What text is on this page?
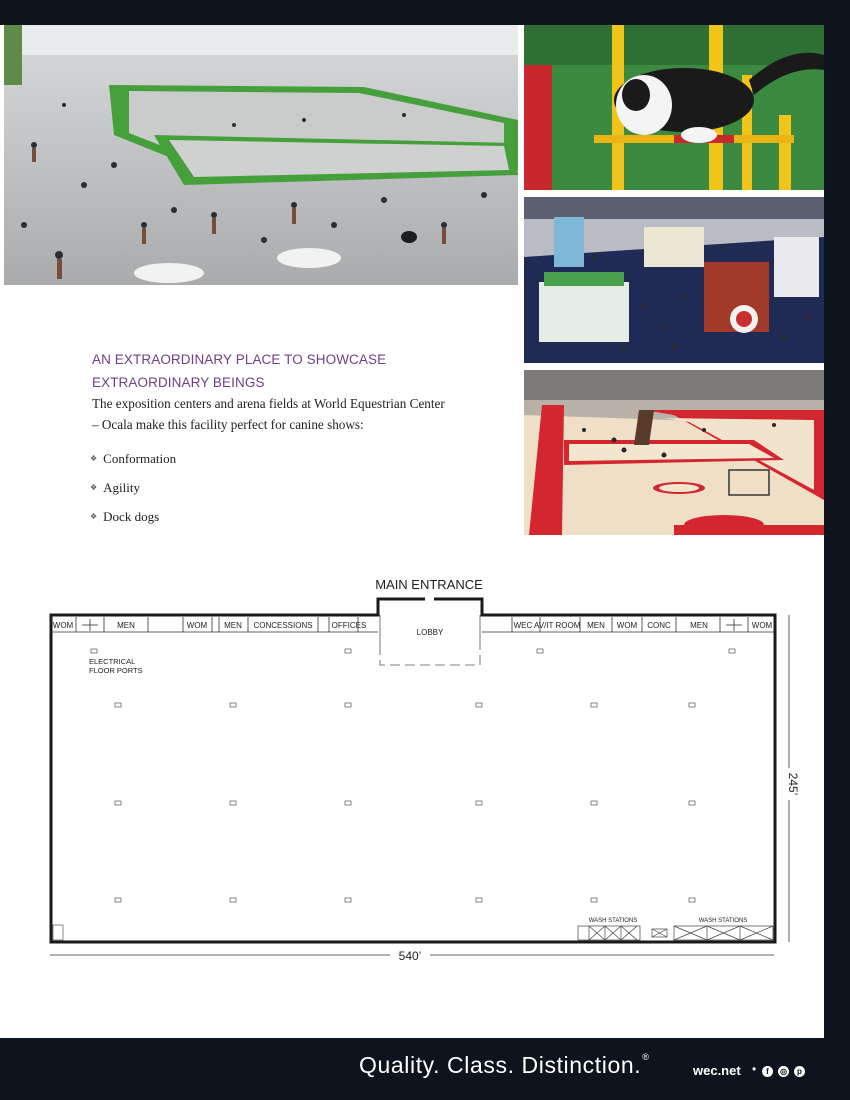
AN EXTRAORDINARY PLACE TO SHOWCASE
EXTRAORDINARY BEINGS
The exposition centers and arena fields at World Equestrian Center – Ocala make this facility perfect for canine shows:
❖ Conformation
❖ Agility
❖ Dock dogs
MAIN ENTRANCE
WOM	MEN	WOM MEN CONCESSIONS OFFICES	WEC AV/IT ROOM MEN WOM CONC MEN	WOM
LOBBY
ELECTRICAL
FLOOR PORTS
WASH STATIONS	WASH STATIONS
540’
245’
Quality. Class. Distinction.®
wec.net •	f	◎	p
